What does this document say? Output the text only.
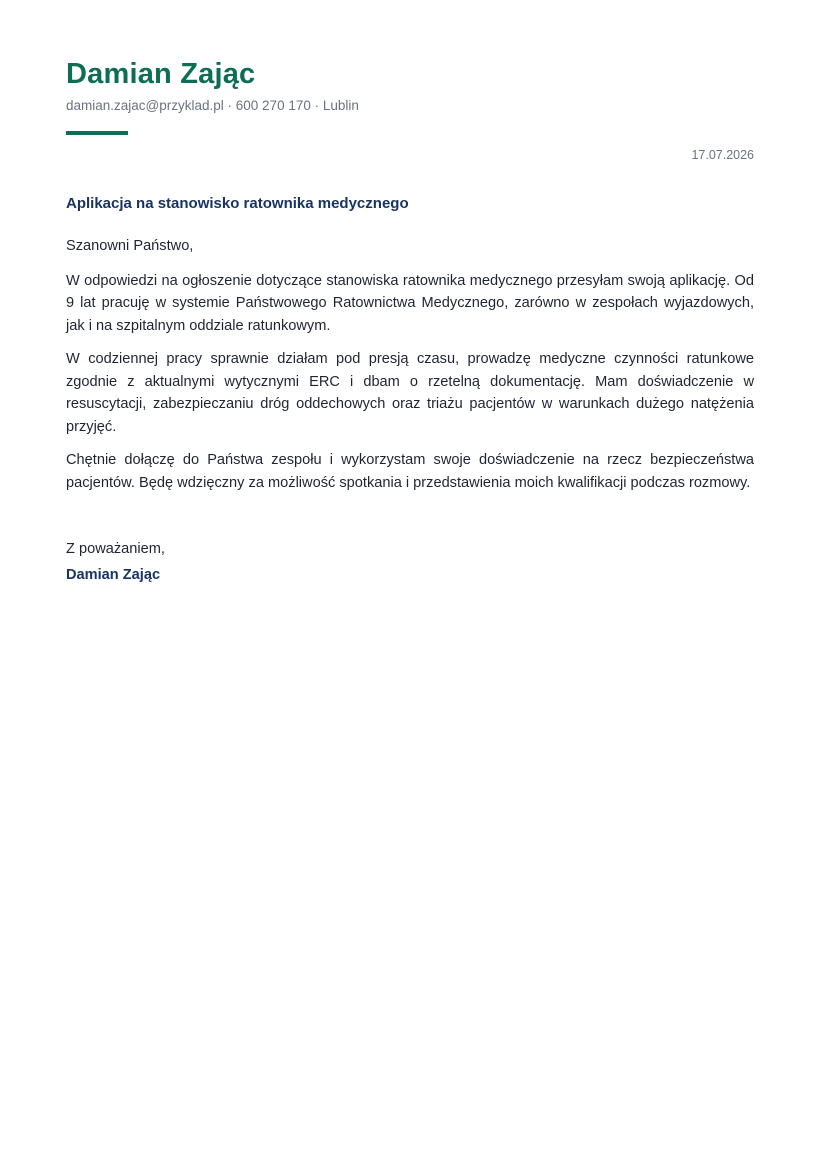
Damian Zając
damian.zajac@przyklad.pl · 600 270 170 · Lublin
17.07.2026
Aplikacja na stanowisko ratownika medycznego

Szanowni Państwo,

W odpowiedzi na ogłoszenie dotyczące stanowiska ratownika medycznego przesyłam swoją aplikację. Od 9 lat pracuję w systemie Państwowego Ratownictwa Medycznego, zarówno w zespołach wyjazdowych, jak i na szpitalnym oddziale ratunkowym.

W codziennej pracy sprawnie działam pod presją czasu, prowadzę medyczne czynności ratunkowe zgodnie z aktualnymi wytycznymi ERC i dbam o rzetelną dokumentację. Mam doświadczenie w resuscytacji, zabezpieczaniu dróg oddechowych oraz triażu pacjentów w warunkach dużego natężenia przyjęć.

Chętnie dołączę do Państwa zespołu i wykorzystam swoje doświadczenie na rzecz bezpieczeństwa pacjentów. Będę wdzięczny za możliwość spotkania i przedstawienia moich kwalifikacji podczas rozmowy.

Z poważaniem,
Damian Zając
